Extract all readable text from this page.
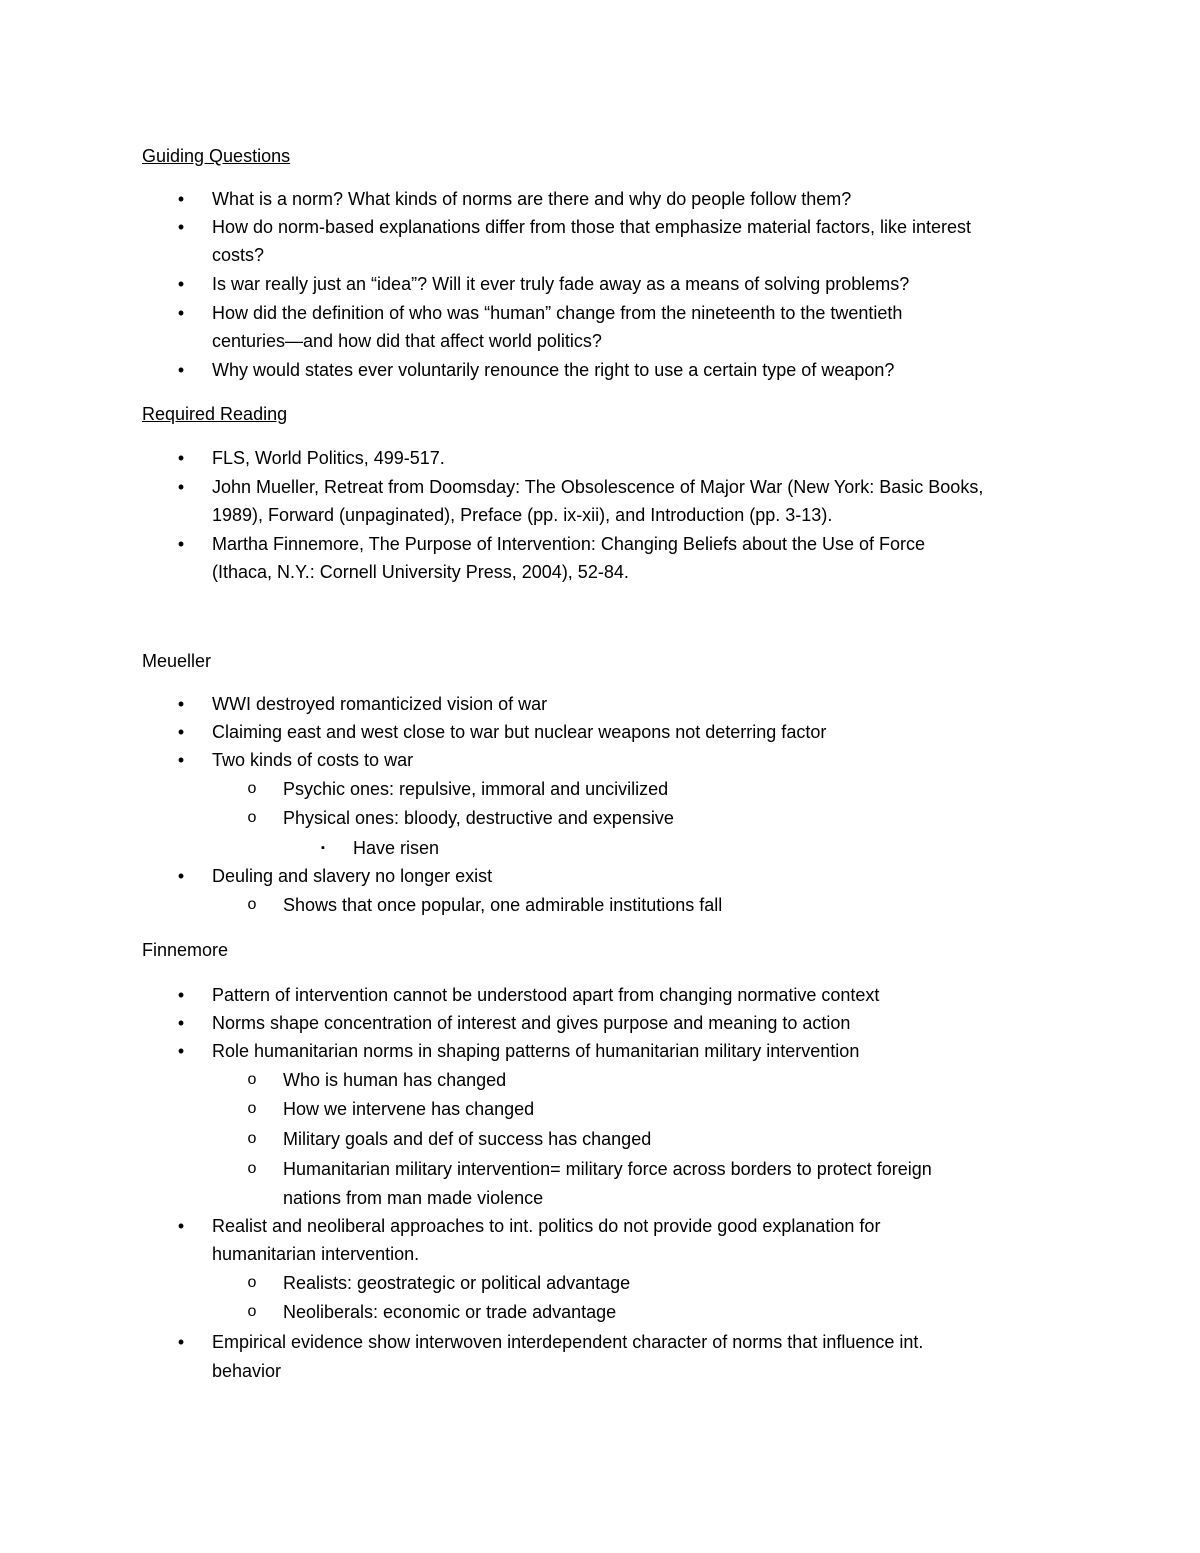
Guiding Questions
• What is a norm? What kinds of norms are there and why do people follow them?
• How do norm-based explanations differ from those that emphasize material factors, like interest
costs?
• Is war really just an “idea”? Will it ever truly fade away as a means of solving problems?
• How did the definition of who was “human” change from the nineteenth to the twentieth
centuries—and how did that affect world politics?
• Why would states ever voluntarily renounce the right to use a certain type of weapon?
Required Reading
• FLS, World Politics, 499-517.
• John Mueller, Retreat from Doomsday: The Obsolescence of Major War (New York: Basic Books,
1989), Forward (unpaginated), Preface (pp. ix-xii), and Introduction (pp. 3-13).
• Martha Finnemore, The Purpose of Intervention: Changing Beliefs about the Use of Force
(Ithaca, N.Y.: Cornell University Press, 2004), 52-84.
Meueller
• WWI destroyed romanticized vision of war
• Claiming east and west close to war but nuclear weapons not deterring factor
• Two kinds of costs to war
o Psychic ones: repulsive, immoral and uncivilized
o Physical ones: bloody, destructive and expensive
▪ Have risen
• Deuling and slavery no longer exist
o Shows that once popular, one admirable institutions fall
Finnemore
• Pattern of intervention cannot be understood apart from changing normative context
• Norms shape concentration of interest and gives purpose and meaning to action
• Role humanitarian norms in shaping patterns of humanitarian military intervention
o Who is human has changed
o How we intervene has changed
o Military goals and def of success has changed
o Humanitarian military intervention= military force across borders to protect foreign
nations from man made violence
• Realist and neoliberal approaches to int. politics do not provide good explanation for
humanitarian intervention.
o Realists: geostrategic or political advantage
o Neoliberals: economic or trade advantage
• Empirical evidence show interwoven interdependent character of norms that influence int.
behavior
